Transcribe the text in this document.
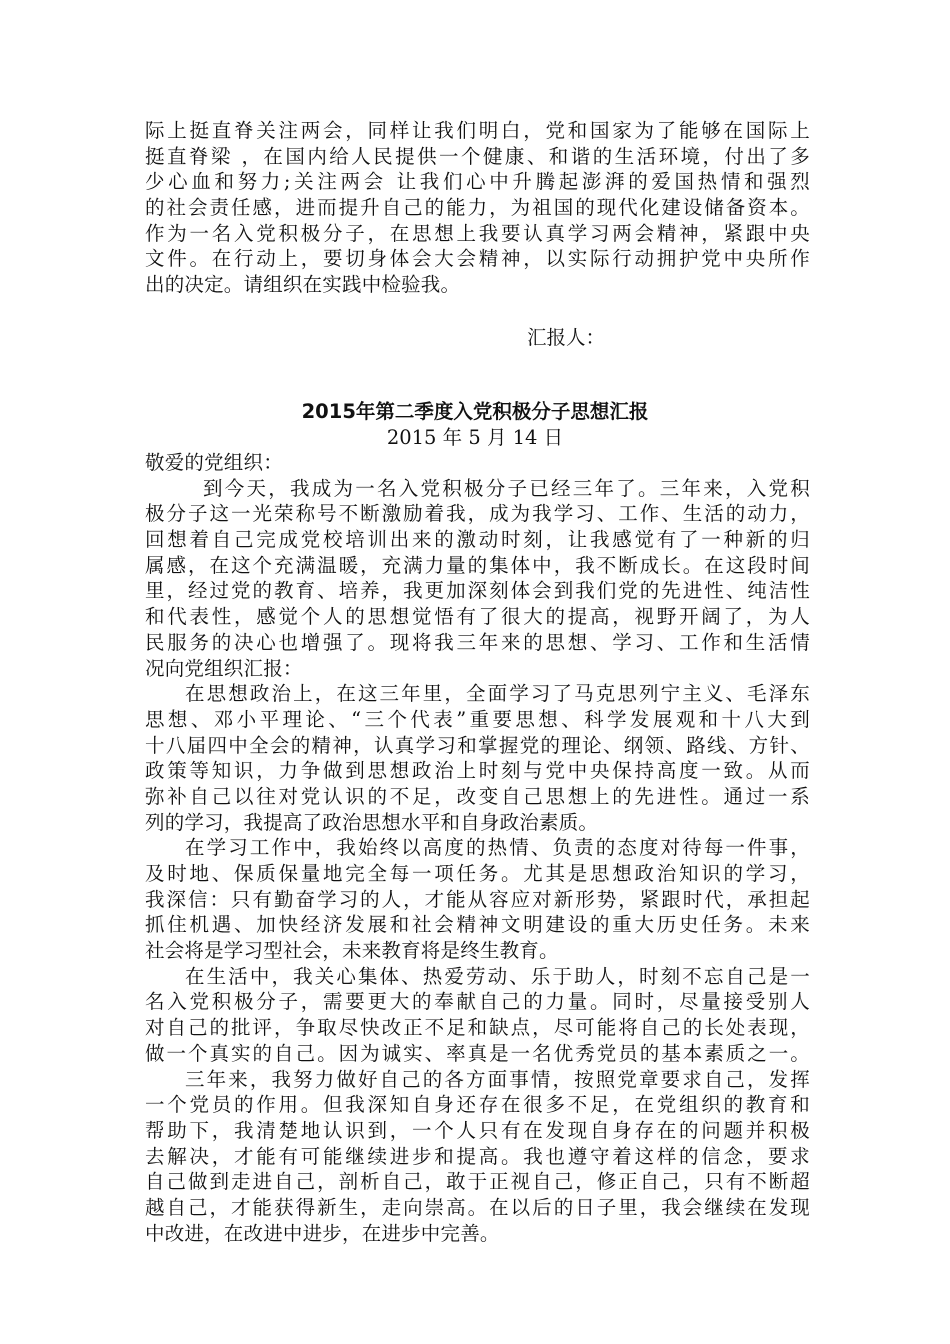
际上挺直脊关注两会，同样让我们明白，党和国家为了能够在国际上
挺直脊梁 ，在国内给人民提供一个健康、和谐的生活环境，付出了多
少心血和努力;关注两会 让我们心中升腾起澎湃的爱国热情和强烈
的社会责任感，进而提升自己的能力，为祖国的现代化建设储备资本。
作为一名入党积极分子，在思想上我要认真学习两会精神，紧跟中央
文件。在行动上，要切身体会大会精神，以实际行动拥护党中央所作
出的决定。请组织在实践中检验我。
汇报人：
2015年第二季度入党积极分子思想汇报
2015 年 5 月 14 日
敬爱的党组织：
到今天，我成为一名入党积极分子已经三年了。三年来，入党积
极分子这一光荣称号不断激励着我，成为我学习、工作、生活的动力，
回想着自己完成党校培训出来的激动时刻，让我感觉有了一种新的归
属感，在这个充满温暖，充满力量的集体中，我不断成长。在这段时间
里，经过党的教育、培养，我更加深刻体会到我们党的先进性、纯洁性
和代表性，感觉个人的思想觉悟有了很大的提高，视野开阔了，为人
民服务的决心也增强了。现将我三年来的思想、学习、工作和生活情
况向党组织汇报：
在思想政治上，在这三年里，全面学习了马克思列宁主义、毛泽东
思想、邓小平理论、“三个代表”重要思想、科学发展观和十八大到
十八届四中全会的精神，认真学习和掌握党的理论、纲领、路线、方针、
政策等知识，力争做到思想政治上时刻与党中央保持高度一致。从而
弥补自己以往对党认识的不足，改变自己思想上的先进性。通过一系
列的学习，我提高了政治思想水平和自身政治素质。
在学习工作中，我始终以高度的热情、负责的态度对待每一件事，
及时地、保质保量地完全每一项任务。尤其是思想政治知识的学习，
我深信：只有勤奋学习的人，才能从容应对新形势，紧跟时代，承担起
抓住机遇、加快经济发展和社会精神文明建设的重大历史任务。未来
社会将是学习型社会，未来教育将是终生教育。
在生活中，我关心集体、热爱劳动、乐于助人，时刻不忘自己是一
名入党积极分子，需要更大的奉献自己的力量。同时，尽量接受别人
对自己的批评，争取尽快改正不足和缺点，尽可能将自己的长处表现，
做一个真实的自己。因为诚实、率真是一名优秀党员的基本素质之一。
三年来，我努力做好自己的各方面事情，按照党章要求自己，发挥
一个党员的作用。但我深知自身还存在很多不足，在党组织的教育和
帮助下，我清楚地认识到，一个人只有在发现自身存在的问题并积极
去解决，才能有可能继续进步和提高。我也遵守着这样的信念，要求
自己做到走进自己，剖析自己，敢于正视自己，修正自己，只有不断超
越自己，才能获得新生，走向崇高。在以后的日子里，我会继续在发现
中改进，在改进中进步，在进步中完善。
